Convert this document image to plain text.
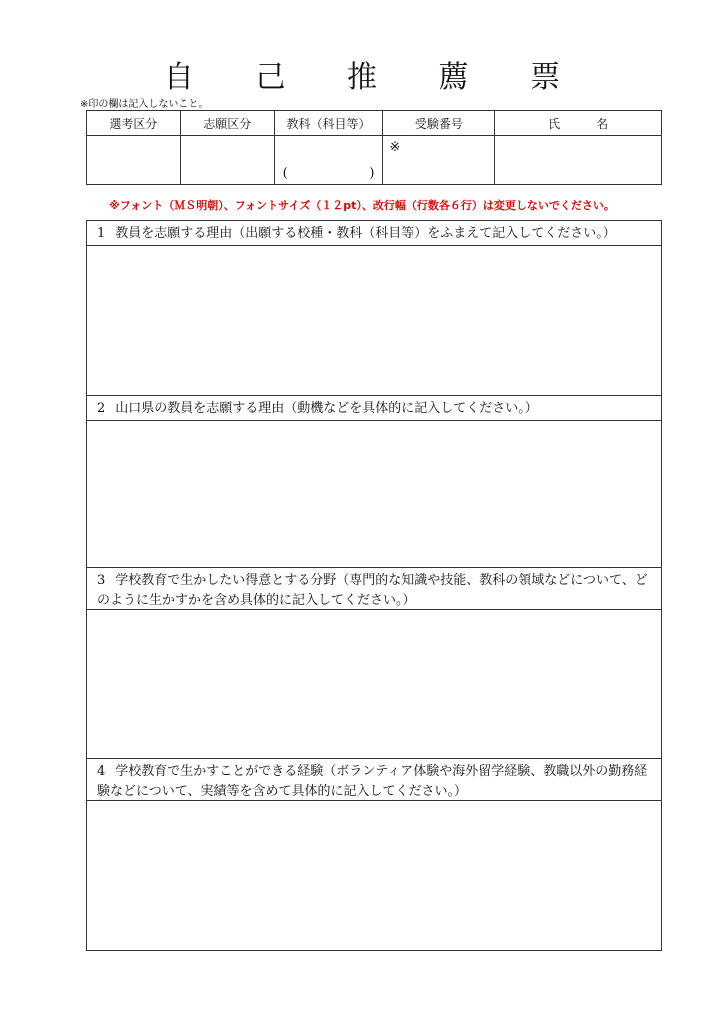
自 己 推 薦 票
※印の欄は記入しないこと。
選考区分	志願区分	教科（科目等）	受験番号	氏　　　名

		( )	※	

※フォント（ＭＳ明朝）、フォントサイズ（１２pt）、改行幅（行数各６行）は変更しないでください。
1 教員を志願する理由（出願する校種・教科（科目等）をふまえて記入してください。）
2 山口県の教員を志願する理由（動機などを具体的に記入してください。）
3 学校教育で生かしたい得意とする分野（専門的な知識や技能、教科の領域などについて、どのように生かすかを含め具体的に記入してください。）
4 学校教育で生かすことができる経験（ボランティア体験や海外留学経験、教職以外の勤務経験などについて、実績等を含めて具体的に記入してください。）
